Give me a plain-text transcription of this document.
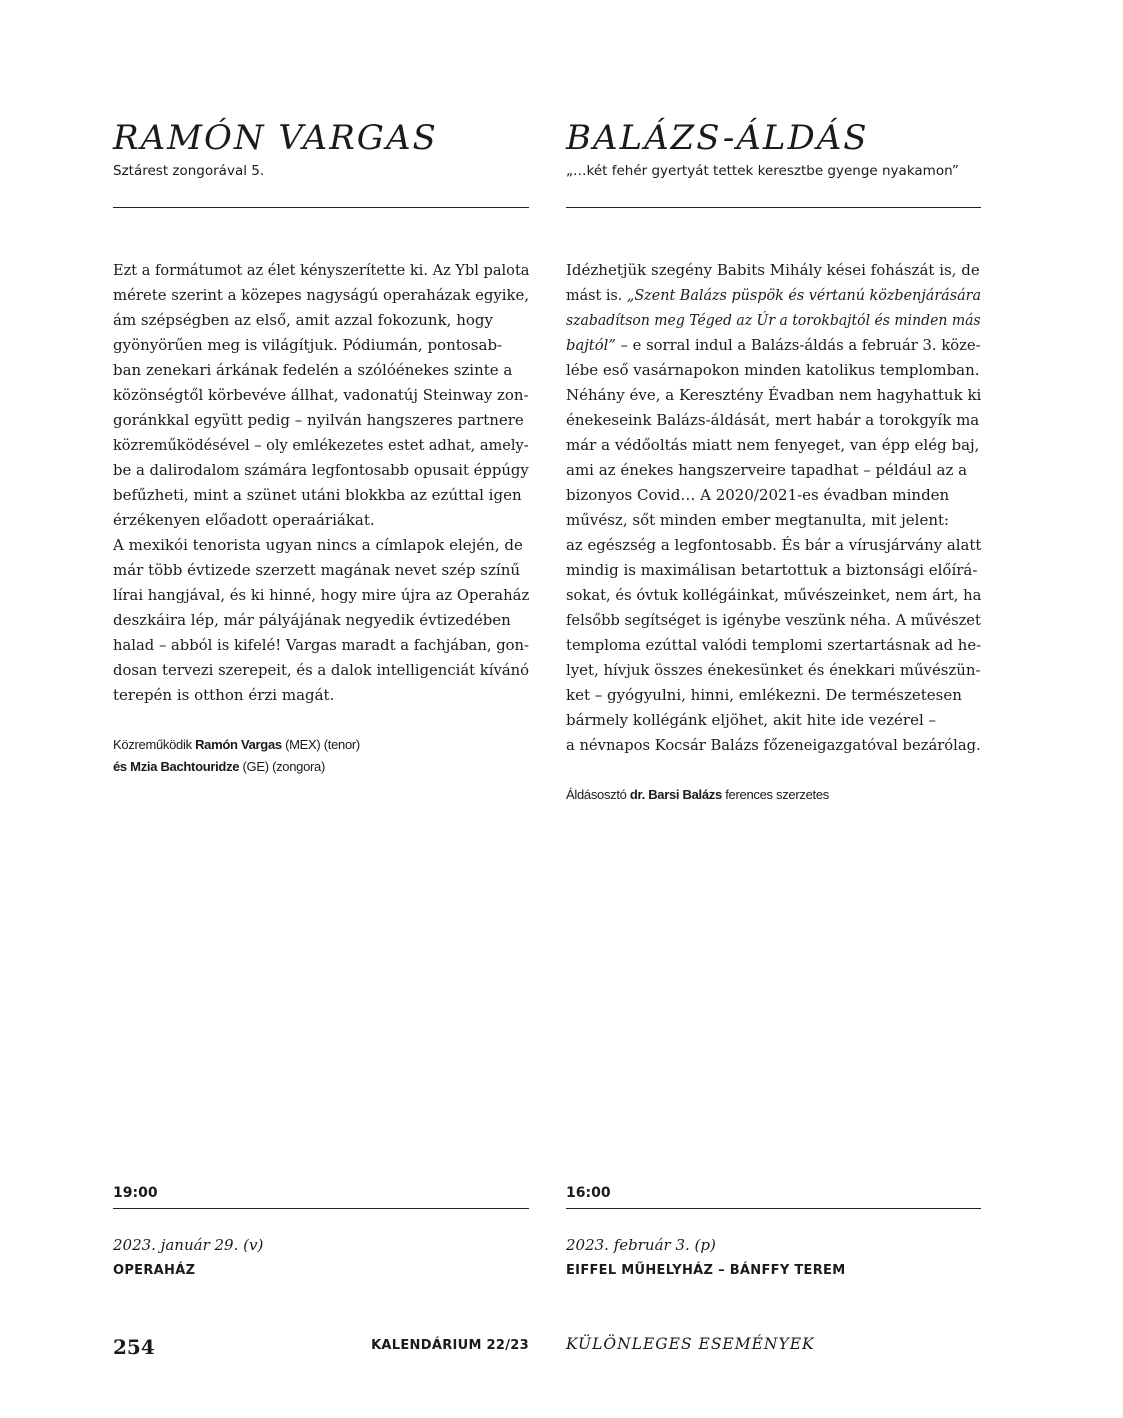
RAMÓN VARGAS

Sztárest zongorával 5.

Ezt a formátumot az élet kényszerítette ki. Az Ybl palota
mérete szerint a közepes nagyságú operaházak egyike,
ám szépségben az első, amit azzal fokozunk, hogy
gyönyörűen meg is világítjuk. Pódiumán, pontosab-
ban zenekari árkának fedelén a szólóénekes szinte a
közönségtől körbevéve állhat, vadonatúj Steinway zon-
goránkkal együtt pedig – nyilván hangszeres partnere
közreműködésével – oly emlékezetes estet adhat, amely-
be a dalirodalom számára legfontosabb opusait éppúgy
befűzheti, mint a szünet utáni blokkba az ezúttal igen
érzékenyen előadott operaáriákat.
A mexikói tenorista ugyan nincs a címlapok elején, de
már több évtizede szerzett magának nevet szép színű
lírai hangjával, és ki hinné, hogy mire újra az Operaház
deszkáira lép, már pályájának negyedik évtizedében
halad – abból is kifelé! Vargas maradt a fachjában, gon-
dosan tervezi szerepeit, és a dalok intelligenciát kívánó
terepén is otthon érzi magát.
Közreműködik Ramón Vargas (MEX) (tenor)
és Mzia Bachtouridze (GE) (zongora)
19:00
2023. január 29. (v)
OPERAHÁZ
BALÁZS-ÁLDÁS

„…két fehér gyertyát tettek keresztbe gyenge nyakamon”

Idézhetjük szegény Babits Mihály kései fohászát is, de
mást is. „Szent Balázs püspök és vértanú közbenjárására
szabadítson meg Téged az Úr a torokbajtól és minden más
bajtól” – e sorral indul a Balázs-áldás a február 3. köze-
lébe eső vasárnapokon minden katolikus templomban.
Néhány éve, a Keresztény Évadban nem hagyhattuk ki
énekeseink Balázs-áldását, mert habár a torokgyík ma
már a védőoltás miatt nem fenyeget, van épp elég baj,
ami az énekes hangszerveire tapadhat – például az a
bizonyos Covid… A 2020/2021-es évadban minden
művész, sőt minden ember megtanulta, mit jelent:
az egészség a legfontosabb. És bár a vírusjárvány alatt
mindig is maximálisan betartottuk a biztonsági előírá-
sokat, és óvtuk kollégáinkat, művészeinket, nem árt, ha
felsőbb segítséget is igénybe veszünk néha. A művészet
temploma ezúttal valódi templomi szertartásnak ad he-
lyet, hívjuk összes énekesünket és énekkari művészün-
ket – gyógyulni, hinni, emlékezni. De természetesen
bármely kollégánk eljöhet, akit hite ide vezérel –
a névnapos Kocsár Balázs főzeneigazgatóval bezárólag.
Áldásosztó dr. Barsi Balázs ferences szerzetes
16:00
2023. február 3. (p)
EIFFEL MŰHELYHÁZ – BÁNFFY TEREM
254	KALENDÁRIUM 22/23 KÜLÖNLEGES ESEMÉNYEK
